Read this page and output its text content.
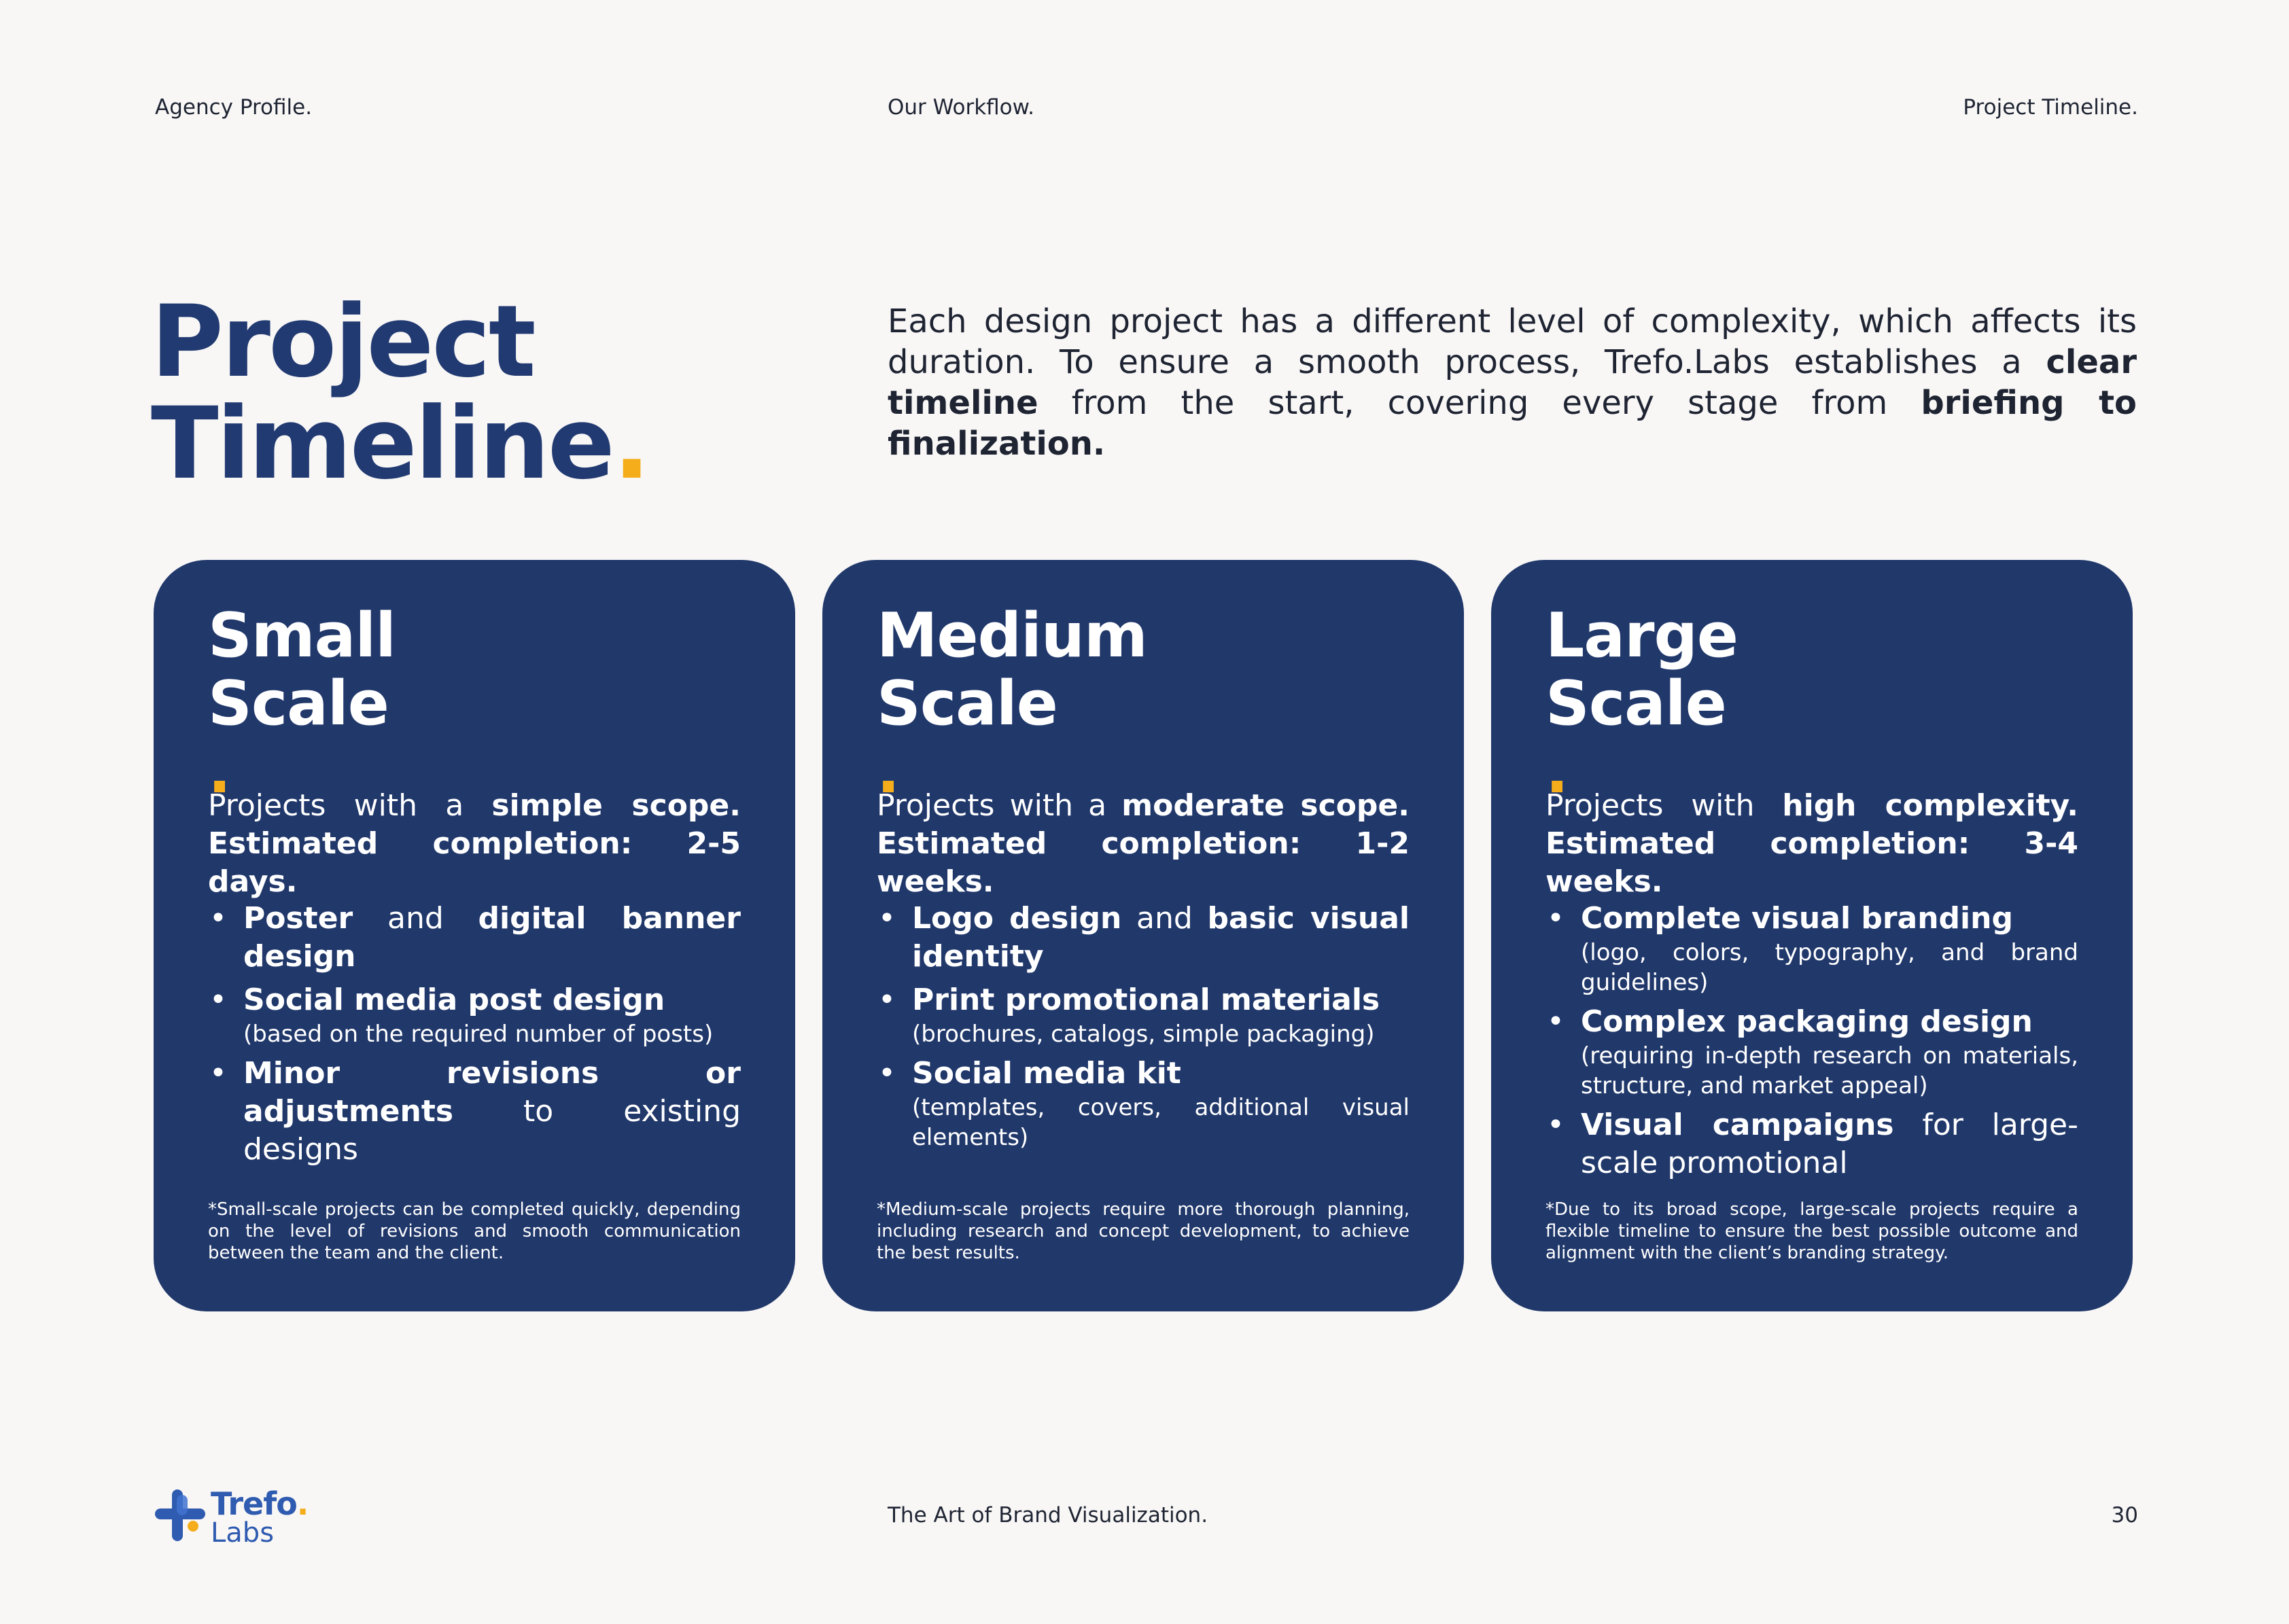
Agency Profile.	Our Workflow.	Project Timeline.
Project
Timeline.

Each design project has a different level of complexity, which affects its duration. To ensure a smooth process, Trefo.Labs establishes a clear timeline from the start, covering every stage from briefing to finalization.

Small
Scale
.
Projects with a simple scope.
Estimated completion: 2-5 days.
• Poster and digital banner design
• Social media post design
(based on the required number of posts)
• Minor revisions or adjustments to existing designs
*Small-scale projects can be completed quickly, depending on the level of revisions and smooth communication between the team and the client.
Medium
Scale
.
Projects with a moderate scope.
Estimated completion: 1-2 weeks.
• Logo design and basic visual identity
• Print promotional materials
(brochures, catalogs, simple packaging)
• Social media kit
(templates, covers, additional visual elements)
*Medium-scale projects require more thorough planning, including research and concept development, to achieve the best results.
Large
Scale
.
Projects with high complexity.
Estimated completion: 3-4 weeks.
• Complete visual branding
(logo, colors, typography, and brand guidelines)
• Complex packaging design
(requiring in-depth research on materials, structure, and market appeal)
• Visual campaigns for large-scale promotional
*Due to its broad scope, large-scale projects require a flexible timeline to ensure the best possible outcome and alignment with the client’s branding strategy.
Trefo.
Labs
The Art of Brand Visualization.	30
